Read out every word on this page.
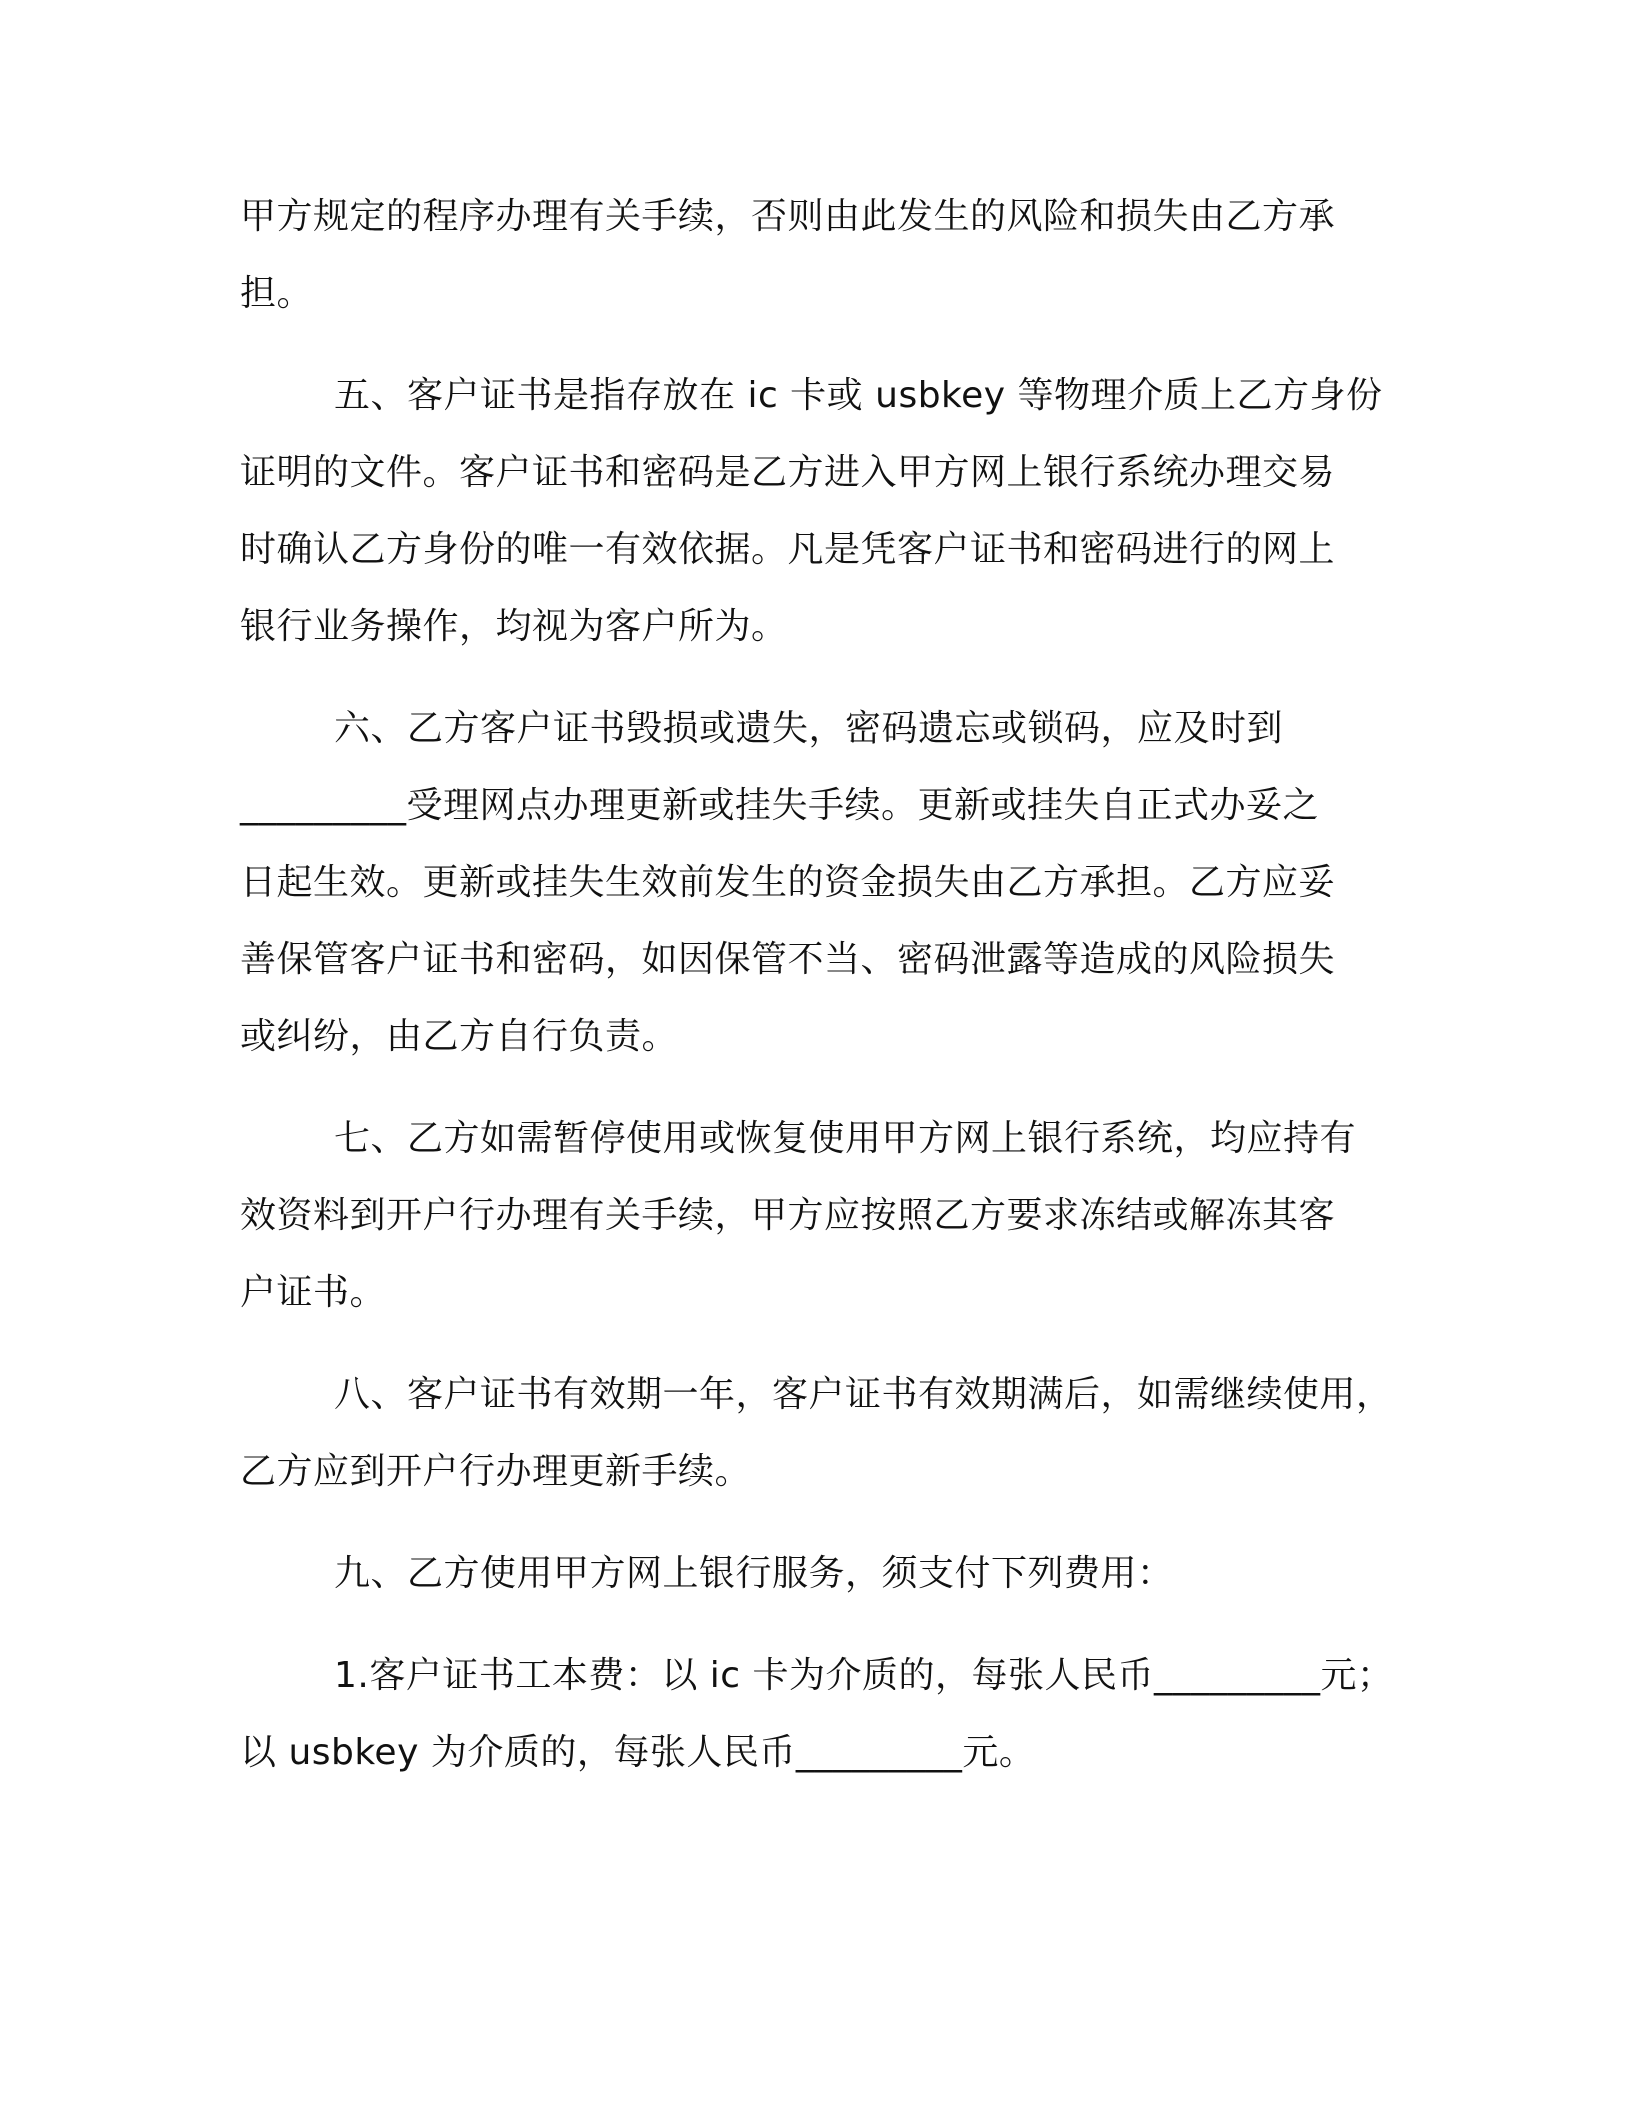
甲方规定的程序办理有关手续，否则由此发生的风险和损失由乙方承
担。

五、客户证书是指存放在 ic 卡或 usbkey 等物理介质上乙方身份
证明的文件。客户证书和密码是乙方进入甲方网上银行系统办理交易
时确认乙方身份的唯一有效依据。凡是凭客户证书和密码进行的网上
银行业务操作，均视为客户所为。

六、乙方客户证书毁损或遗失，密码遗忘或锁码，应及时到
_________受理网点办理更新或挂失手续。更新或挂失自正式办妥之
日起生效。更新或挂失生效前发生的资金损失由乙方承担。乙方应妥
善保管客户证书和密码，如因保管不当、密码泄露等造成的风险损失
或纠纷，由乙方自行负责。

七、乙方如需暂停使用或恢复使用甲方网上银行系统，均应持有
效资料到开户行办理有关手续，甲方应按照乙方要求冻结或解冻其客
户证书。

八、客户证书有效期一年，客户证书有效期满后，如需继续使用，
乙方应到开户行办理更新手续。

九、乙方使用甲方网上银行服务，须支付下列费用：

1.客户证书工本费：以 ic 卡为介质的，每张人民币_________元；
以 usbkey 为介质的，每张人民币_________元。
